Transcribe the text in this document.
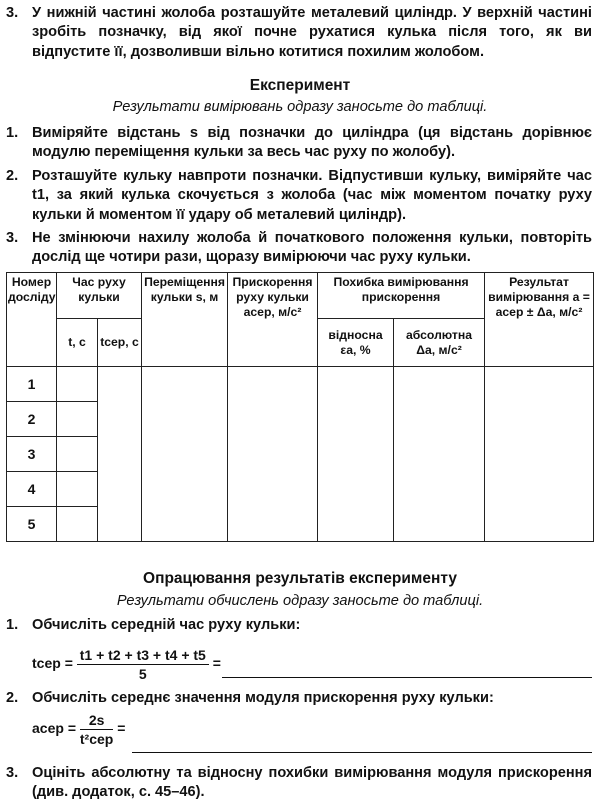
3. У нижній частині жолоба розташуйте металевий циліндр. У верхній частині зробіть позначку, від якої почне рухатися кулька після того, як ви відпустите її, дозволивши вільно котитися похилим жолобом.
Експеримент
Результати вимірювань одразу заносьте до таблиці.
1. Виміряйте відстань s від позначки до циліндра (ця відстань дорівнює модулю переміщення кульки за весь час руху по жолобу).
2. Розташуйте кульку навпроти позначки. Відпустивши кульку, виміряйте час t1, за який кулька скочується з жолоба (час між моментом початку руху кульки й моментом її удару об металевий циліндр).
3. Не змінюючи нахилу жолоба й початкового положення кульки, повторіть дослід ще чотири рази, щоразу вимірюючи час руху кульки.
Номер досліду	Час руху кульки		Переміщення кульки s, м	Прискорення руху кульки aсер, м/с²	Похибка вимірювання прискорення		Результат вимірювання a = aсер ± Δa, м/с²
	t, с	tсер, с			відносна εa, %	абсолютна Δa, м/с²	
1							
2							
3							
4							
5							
Опрацювання результатів експерименту
Результати обчислень одразу заносьте до таблиці.
1. Обчисліть середній час руху кульки:
tсер = $\frac{t1 + t2 + t3 + t4 + t5}{5}$ =
2. Обчисліть середнє значення модуля прискорення руху кульки:
aсер = $\frac{2s}{\text{t²сер}}$ =
3. Оцініть абсолютну та відносну похибки вимірювання модуля прискорення (див. додаток, с. 45–46).
